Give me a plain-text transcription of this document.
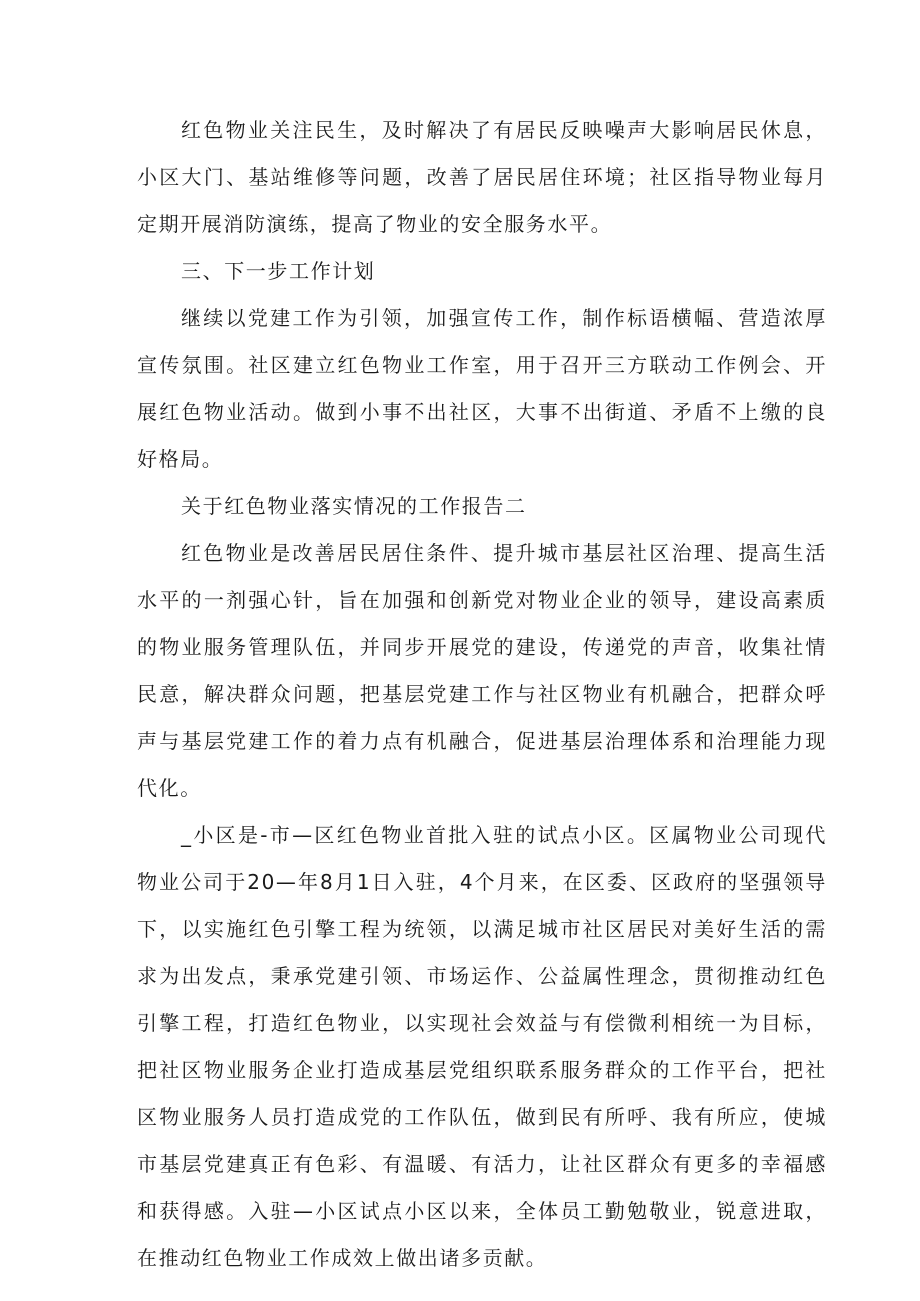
红色物业关注民生，及时解决了有居民反映噪声大影响居民休息，小区大门、基站维修等问题，改善了居民居住环境；社区指导物业每月定期开展消防演练，提高了物业的安全服务水平。

三、下一步工作计划

继续以党建工作为引领，加强宣传工作，制作标语横幅、营造浓厚宣传氛围。社区建立红色物业工作室，用于召开三方联动工作例会、开展红色物业活动。做到小事不出社区，大事不出街道、矛盾不上缴的良好格局。

关于红色物业落实情况的工作报告二

红色物业是改善居民居住条件、提升城市基层社区治理、提高生活水平的一剂强心针，旨在加强和创新党对物业企业的领导，建设高素质的物业服务管理队伍，并同步开展党的建设，传递党的声音，收集社情民意，解决群众问题，把基层党建工作与社区物业有机融合，把群众呼声与基层党建工作的着力点有机融合，促进基层治理体系和治理能力现代化。

_小区是-市—区红色物业首批入驻的试点小区。区属物业公司现代物业公司于20—年8月1日入驻，4个月来，在区委、区政府的坚强领导下，以实施红色引擎工程为统领，以满足城市社区居民对美好生活的需求为出发点，秉承党建引领、市场运作、公益属性理念，贯彻推动红色引擎工程，打造红色物业，以实现社会效益与有偿微利相统一为目标，把社区物业服务企业打造成基层党组织联系服务群众的工作平台，把社区物业服务人员打造成党的工作队伍，做到民有所呼、我有所应，使城市基层党建真正有色彩、有温暖、有活力，让社区群众有更多的幸福感和获得感。入驻—小区试点小区以来，全体员工勤勉敬业，锐意进取，在推动红色物业工作成效上做出诸多贡献。
